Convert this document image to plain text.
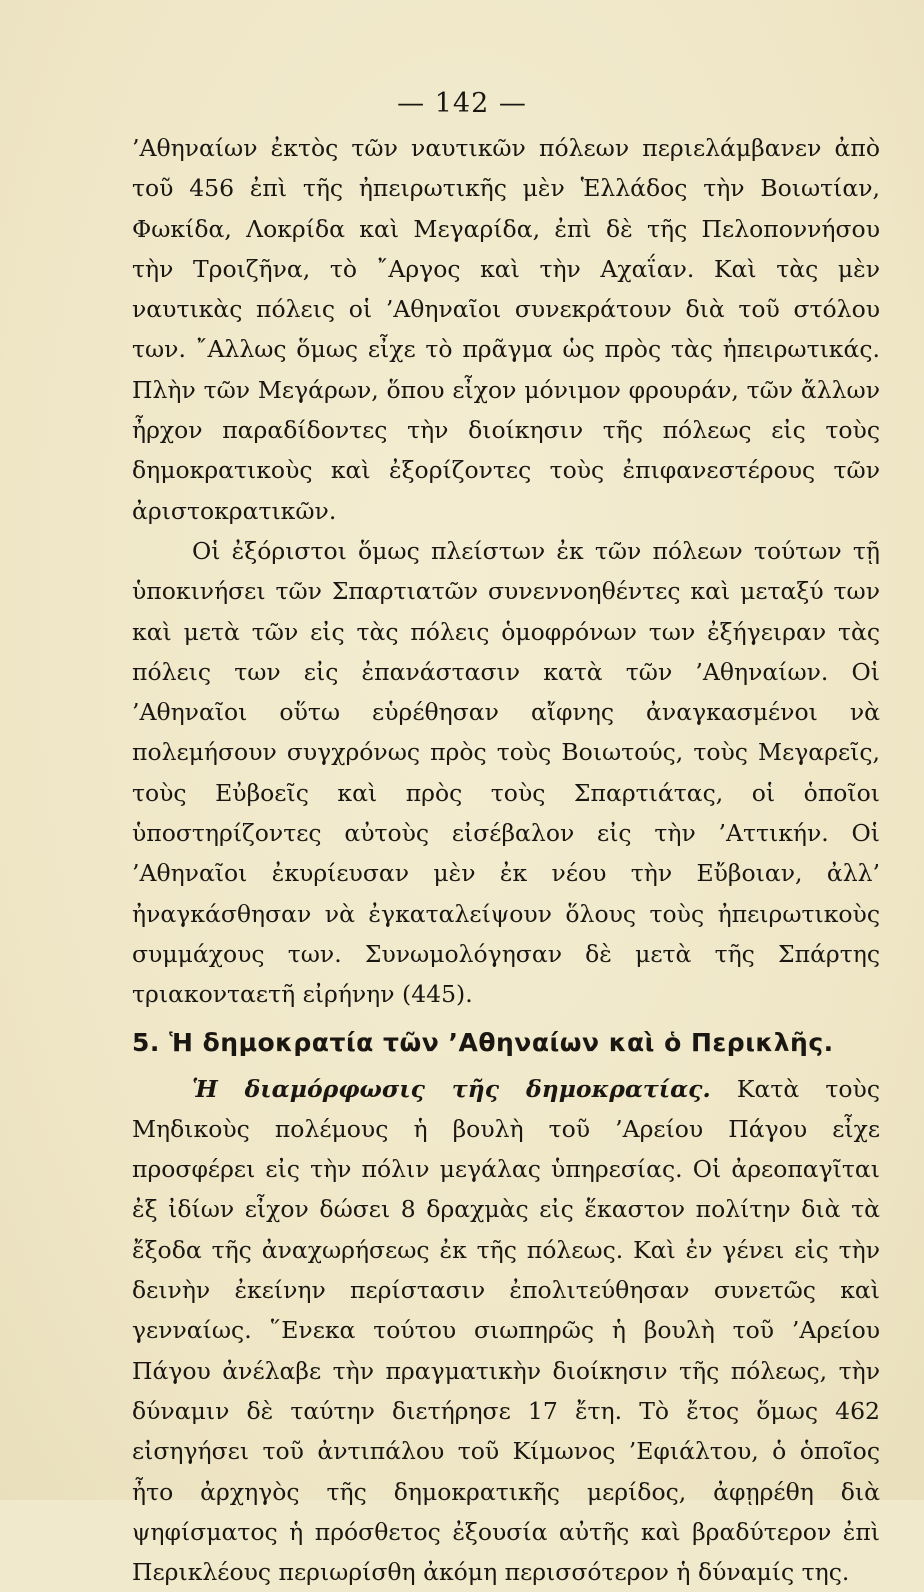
— 142 —

’Αθηναίων ἐκτὸς τῶν ναυτικῶν πόλεων περιελάμβανεν ἀπὸ τοῦ 456 ἐπὶ τῆς ἠπειρωτικῆς μὲν Ἑλλάδος τὴν Βοιωτίαν, Φωκίδα, Λοκρίδα καὶ Μεγαρίδα, ἐπὶ δὲ τῆς Πελοποννήσου τὴν Τροιζῆνα, τὸ ῎Αργος καὶ τὴν Αχαΐαν. Καὶ τὰς μὲν ναυτικὰς πόλεις οἱ ’Αθηναῖοι συνεκράτουν διὰ τοῦ στόλου των. ῎Αλλως ὅμως εἶχε τὸ πρᾶγμα ὡς πρὸς τὰς ἠπειρωτικάς. Πλὴν τῶν Μεγάρων, ὅπου εἶχον μόνιμον φρουράν, τῶν ἄλλων ἦρχον παραδίδοντες τὴν διοίκησιν τῆς πόλεως εἰς τοὺς δημοκρατικοὺς καὶ ἐξορίζοντες τοὺς ἐπιφανεστέρους τῶν ἀριστοκρατικῶν.

Οἱ ἐξόριστοι ὅμως πλείστων ἐκ τῶν πόλεων τούτων τῇ ὑποκινήσει τῶν Σπαρτιατῶν συνεννοηθέντες καὶ μεταξύ των καὶ μετὰ τῶν εἰς τὰς πόλεις ὁμοφρόνων των ἐξήγειραν τὰς πόλεις των εἰς ἐπανάστασιν κατὰ τῶν ’Αθηναίων. Οἱ ’Αθηναῖοι οὕτω εὑρέθησαν αἴφνης ἀναγκασμένοι νὰ πολεμήσουν συγχρόνως πρὸς τοὺς Βοιωτούς, τοὺς Μεγαρεῖς, τοὺς Εὐβοεῖς καὶ πρὸς τοὺς Σπαρτιάτας, οἱ ὁποῖοι ὑποστηρίζοντες αὐτοὺς εἰσέβαλον εἰς τὴν ’Αττικήν. Οἱ ’Αθηναῖοι ἐκυρίευσαν μὲν ἐκ νέου τὴν Εὔβοιαν, ἀλλ’ ἠναγκάσθησαν νὰ ἐγκαταλείψουν ὅλους τοὺς ἠπειρωτικοὺς συμμάχους των. Συνωμολόγησαν δὲ μετὰ τῆς Σπάρτης τριακονταετῆ εἰρήνην (445).

5. Ἡ δημοκρατία τῶν ’Αθηναίων καὶ ὁ Περικλῆς.

Ἡ διαμόρφωσις τῆς δημοκρατίας. Κατὰ τοὺς Μηδικοὺς πολέμους ἡ βουλὴ τοῦ ’Αρείου Πάγου εἶχε προσφέρει εἰς τὴν πόλιν μεγάλας ὑπηρεσίας. Οἱ ἀρεοπαγῖται ἐξ ἰδίων εἶχον δώσει 8 δραχμὰς εἰς ἕκαστον πολίτην διὰ τὰ ἔξοδα τῆς ἀναχωρήσεως ἐκ τῆς πόλεως. Καὶ ἐν γένει εἰς τὴν δεινὴν ἐκείνην περίστασιν ἐπολιτεύθησαν συνετῶς καὶ γενναίως. ῞Ενεκα τούτου σιωπηρῶς ἡ βουλὴ τοῦ ’Αρείου Πάγου ἀνέλαβε τὴν πραγματικὴν διοίκησιν τῆς πόλεως, τὴν δύναμιν δὲ ταύτην διετήρησε 17 ἔτη. Τὸ ἔτος ὅμως 462 εἰσηγήσει τοῦ ἀντιπάλου τοῦ Κίμωνος ’Εφιάλτου, ὁ ὁποῖος ἦτο ἀρχηγὸς τῆς δημοκρατικῆς μερίδος, ἀφῃρέθη διὰ ψηφίσματος ἡ πρόσθετος ἐξουσία αὐτῆς καὶ βραδύτερον ἐπὶ Περικλέους περιωρίσθη ἀκόμη περισσότερον ἡ δύναμίς της.
